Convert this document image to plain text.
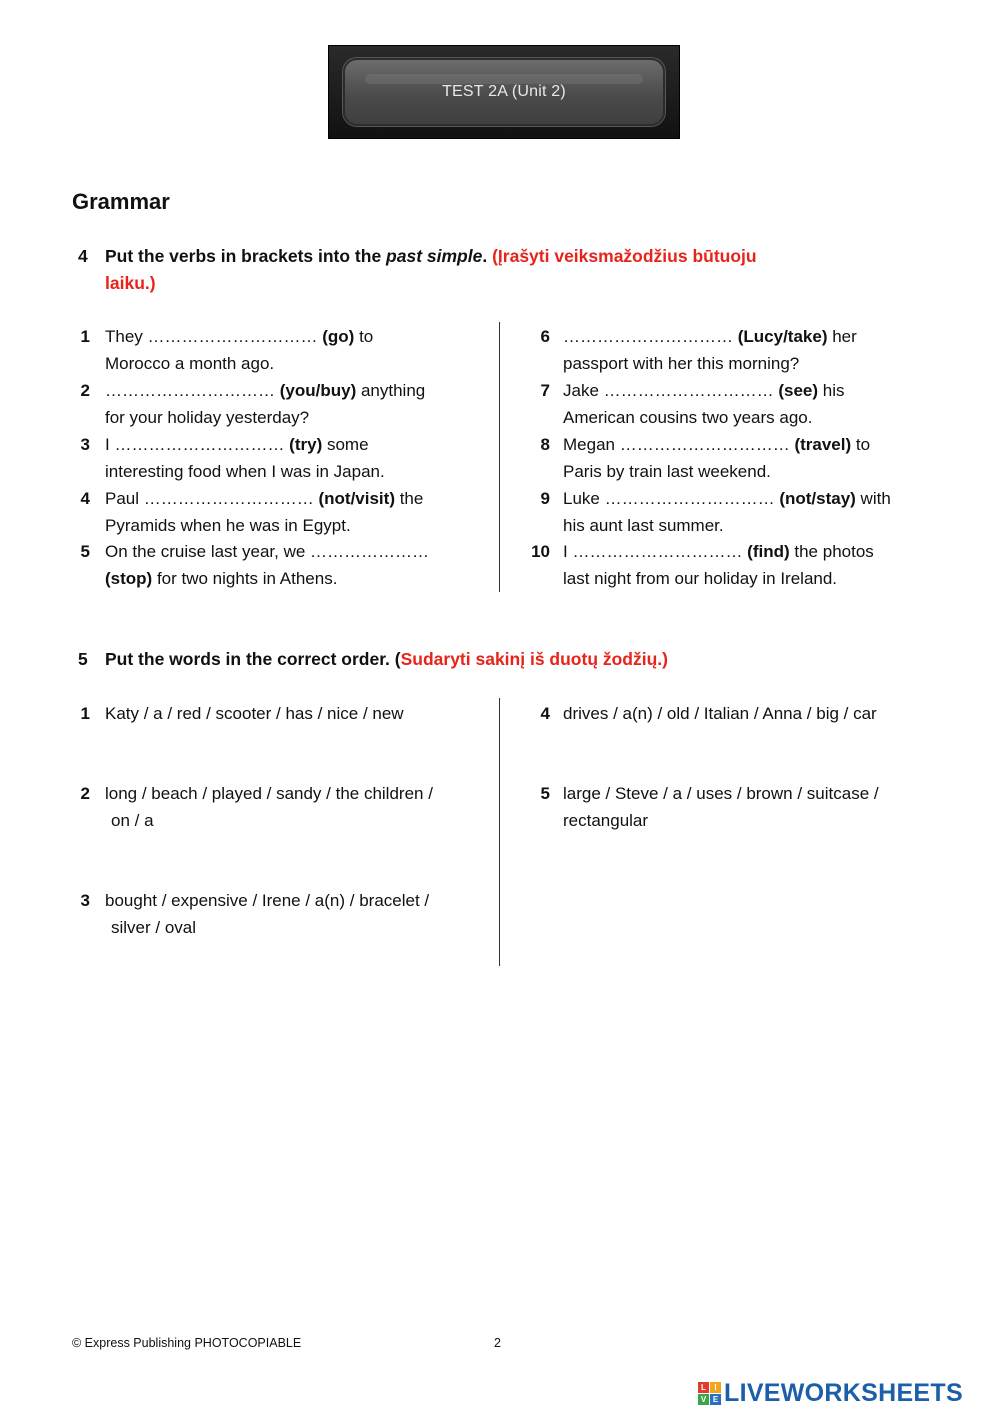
TEST 2A (Unit 2)
Grammar
4 Put the verbs in brackets into the past simple. (Įrašyti veiksmažodžius būtuoju
laiku.)
1 They ………………………… (go) to
Morocco a month ago.
2 ………………………… (you/buy) anything
for your holiday yesterday?
3 I ………………………… (try) some
interesting food when I was in Japan.
4 Paul ………………………… (not/visit) the
Pyramids when he was in Egypt.
5 On the cruise last year, we …………………
(stop) for two nights in Athens.
6 ………………………… (Lucy/take) her
passport with her this morning?
7 Jake ………………………… (see) his
American cousins two years ago.
8 Megan ………………………… (travel) to
Paris by train last weekend.
9 Luke ………………………… (not/stay) with
his aunt last summer.
10 I ………………………… (find) the photos
last night from our holiday in Ireland.
5 Put the words in the correct order. (Sudaryti sakinį iš duotų žodžių.)
1 Katy / a / red / scooter / has / nice / new
2 long / beach / played / sandy / the children /
on / a
3 bought / expensive / Irene / a(n) / bracelet /
silver / oval
4 drives / a(n) / old / Italian / Anna / big / car
5 large / Steve / a / uses / brown / suitcase /
rectangular
© Express Publishing PHOTOCOPIABLE	2
L	I
V E LIVEWORKSHEETS
